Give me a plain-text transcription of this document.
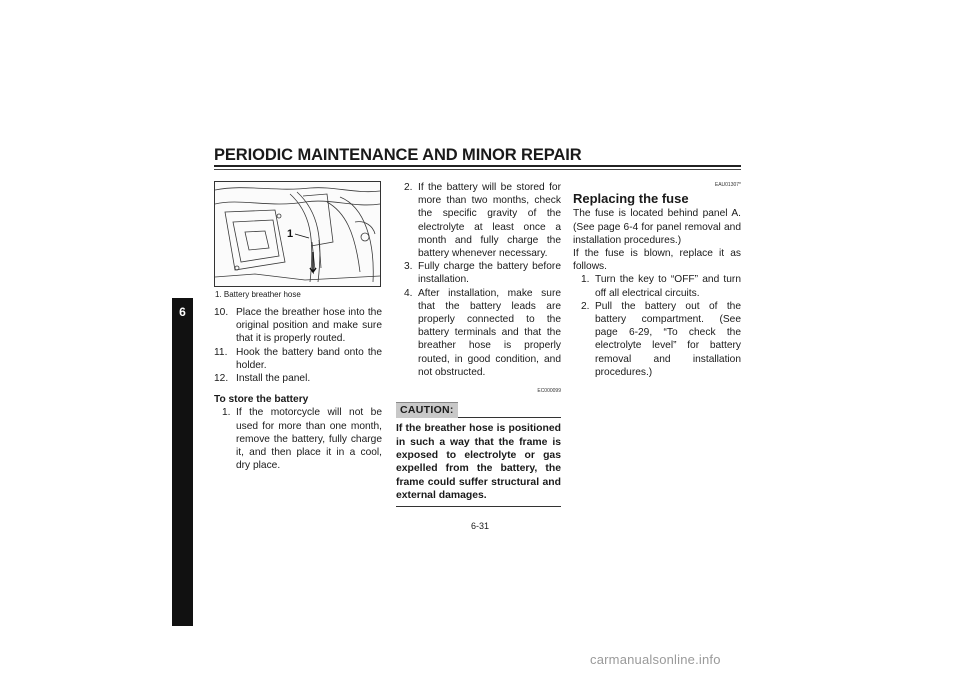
PERIODIC MAINTENANCE AND MINOR REPAIR
6
1
1. Battery breather hose
10. Place the breather hose into the original position and make sure that it is properly routed.
11. Hook the battery band onto the holder.
12. Install the panel.
To store the battery
1. If the motorcycle will not be used for more than one month, remove the battery, fully charge it, and then place it in a cool, dry place.
2. If the battery will be stored for more than two months, check the specific gravity of the electrolyte at least once a month and fully charge the battery whenever necessary.
3. Fully charge the battery before installation.
4. After installation, make sure that the battery leads are properly connected to the battery terminals and that the breather hose is properly routed, in good condition, and not obstructed.
EC000099
CAUTION:
If the breather hose is positioned in such a way that the frame is exposed to electrolyte or gas expelled from the battery, the frame could suffer structural and external damages.
EAU01307*
Replacing the fuse
The fuse is located behind panel A. (See page 6-4 for panel removal and installation procedures.)
If the fuse is blown, replace it as follows.
1. Turn the key to “OFF” and turn off all electrical circuits.
2. Pull the battery out of the battery compartment. (See page 6-29, “To check the electrolyte level” for battery removal and installation procedures.)
6-31
carmanualsonline.info
